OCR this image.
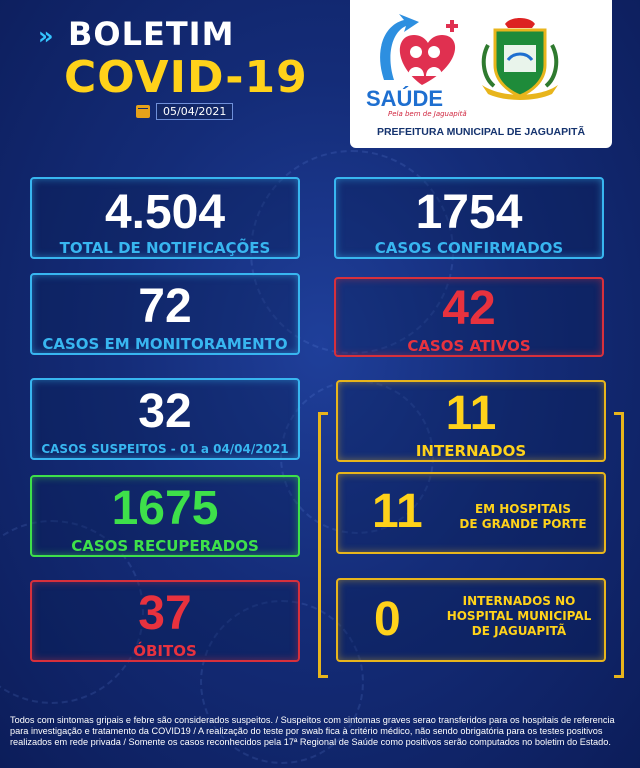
» BOLETIM
COVID-19
05/04/2021
SAÚDE
Pela bem de Jaguapitã
PREFEITURA MUNICIPAL DE JAGUAPITÃ
4.504
TOTAL DE NOTIFICAÇÕES
1754
CASOS CONFIRMADOS
72
CASOS EM MONITORAMENTO
42
CASOS ATIVOS
32
CASOS SUSPEITOS - 01 a 04/04/2021
1675
CASOS RECUPERADOS
37
ÓBITOS
11
INTERNADOS
11	EM HOSPITAIS
DE GRANDE PORTE
0	INTERNADOS NO
HOSPITAL MUNICIPAL
DE JAGUAPITÃ
Todos com sintomas gripais e febre são considerados suspeitos. / Suspeitos com sintomas graves serao transferidos para os hospitais de referencia para investigação e tratamento da COVID19 / A realização do teste por swab fica à critério médico, não sendo obrigatória para os testes positivos realizados em rede privada / Somente os casos reconhecidos pela 17ª Regional de Saúde como positivos serão computados no boletim do Estado.
